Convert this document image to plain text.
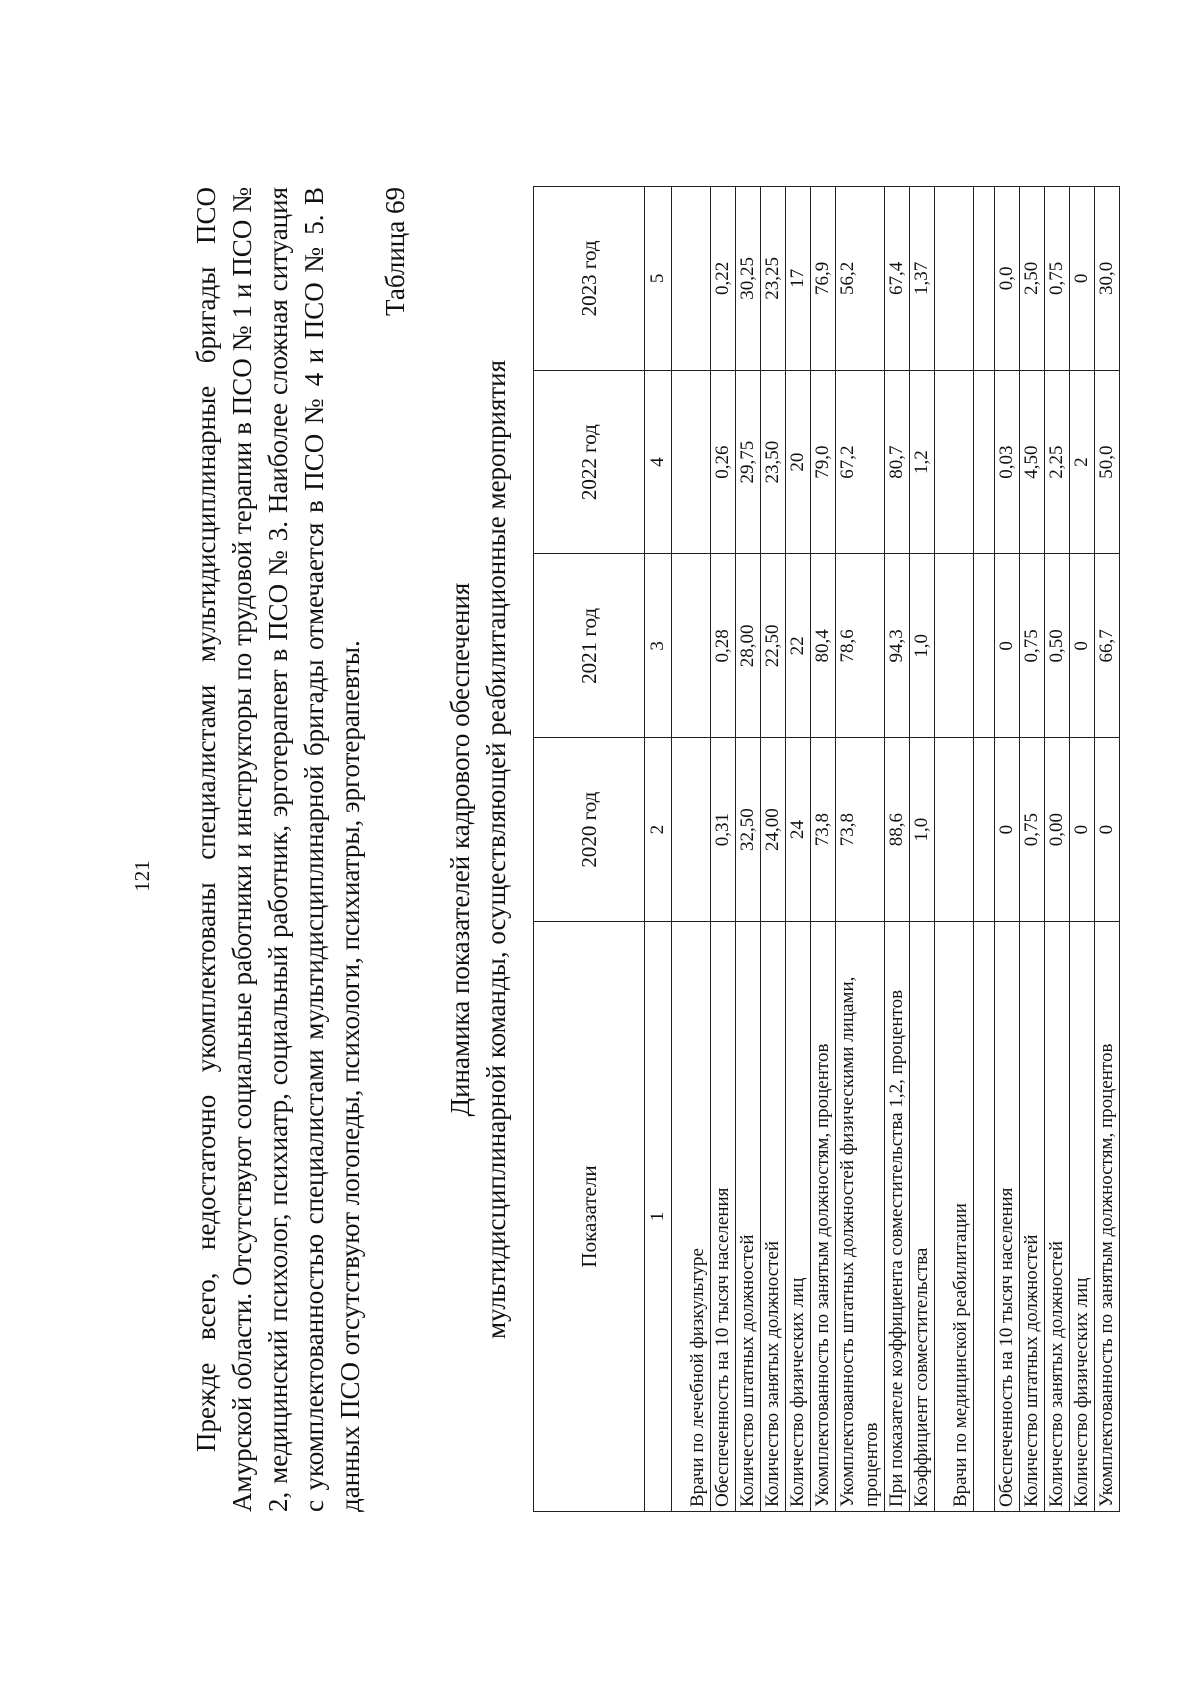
121 Прежде всего, недостаточно укомплектованы специалистами мультидисциплинарные бригады ПСО Амурской области. Отсутствуют социальные работники и инструкторы по трудовой терапии в ПСО № 1 и ПСО № 2, медицинский психолог, психиатр, социальный работник, эрготерапевт в ПСО № 3. Наиболее сложная ситуация с укомплектованностью специалистами мультидисциплинарной бригады отмечается в ПСО № 4 и ПСО № 5. В данных ПСО отсутствуют логопеды, психологи, психиатры, эрготерапевты.

Таблица 69
Динамика показателей кадрового обеспечения мультидисциплинарной команды, осуществляющей реабилитационные мероприятия	Показатели	2020 год	2021 год	2022 год	2023 год
1	2	3	4	5
Врачи по лечебной физкультуре				
Обеспеченность на 10 тысяч населения	0,31	0,28	0,26	0,22
Количество штатных должностей	32,50	28,00	29,75	30,25
Количество занятых должностей	24,00	22,50	23,50	23,25
Количество физических лиц	24	22	20	17
Укомплектованность по занятым должностям, процентов	73,8	80,4	79,0	76,9
Укомплектованность штатных должностей физическими лицами, процентов	73,8	78,6	67,2	56,2
При показателе коэффициента совместительства 1,2, процентов	88,6	94,3	80,7	67,4
Коэффициент совместительства	1,0	1,0	1,2	1,37
Врачи по медицинской реабилитации				

Обеспеченность на 10 тысяч населения	0	0	0,03	0,0
Количество штатных должностей	0,75	0,75	4,50	2,50
Количество занятых должностей	0,00	0,50	2,25	0,75
Количество физических лиц	0	0	2	0
Укомплектованность по занятым должностям, процентов	0	66,7	50,0	30,0
